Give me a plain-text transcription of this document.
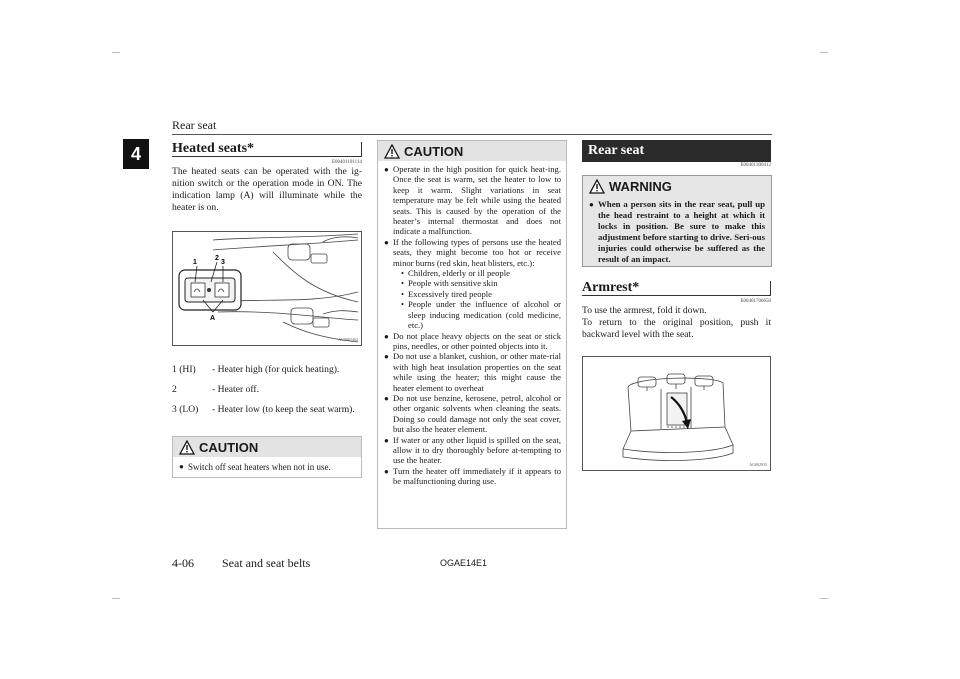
Rear seat
4	Heated seats*
E00401101114
The heated seats can be operated with the ig-nition switch or the operation mode in ON. The indication lamp (A) will illuminate while the heater is on.
1
2
3
A
AG0002462
1 (HI)	- Heater high (for quick heating).
2	- Heater off.
3 (LO)	- Heater low (to keep the seat warm).
CAUTION
● Switch off seat heaters when not in use.
CAUTION
● Operate in the high position for quick heat-ing. Once the seat is warm, set the heater to low to keep it warm. Slight variations in seat temperature may be felt while using the heated seats. This is caused by the operation of the heater’s internal thermostat and does not indicate a malfunction.
● If the following types of persons use the heated seats, they might become too hot or receive minor burns (red skin, heat blisters, etc.):
• Children, elderly or ill people
• People with sensitive skin
• Excessively tired people
• People under the influence of alcohol or sleep inducing medication (cold medicine, etc.)
● Do not place heavy objects on the seat or stick pins, needles, or other pointed objects into it.
● Do not use a blanket, cushion, or other mate-rial with high heat insulation properties on the seat while using the heater; this might cause the heater element to overheat
● Do not use benzine, kerosene, petrol, alcohol or other organic solvents when cleaning the seats. Doing so could damage not only the seat cover, but also the heater element.
● If water or any other liquid is spilled on the seat, allow it to dry thoroughly before at-tempting to use the heater.
● Turn the heater off immediately if it appears to be malfunctioning during use.
Rear seat
E00401300412
WARNING
● When a person sits in the rear seat, pull up the head restraint to a height at which it locks in position. Be sure to make this adjustment before starting to drive. Seri-ous injuries could otherwise be suffered as the result of an impact.
Armrest*
E00401700650
To use the armrest, fold it down.
To return to the original position, push it backward level with the seat.
AG002933
4-06 Seat and seat belts	OGAE14E1
